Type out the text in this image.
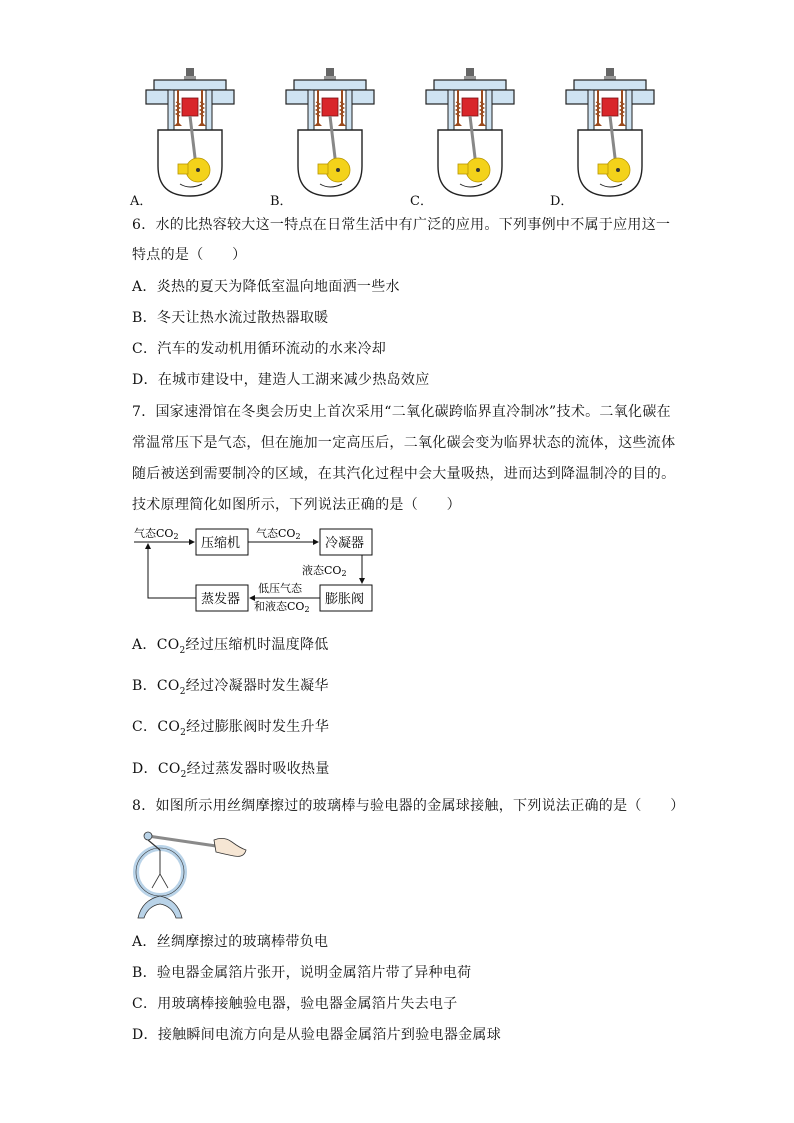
A．	B．	C．	D．
6．水的比热容较大这一特点在日常生活中有广泛的应用。下列事例中不属于应用这一
特点的是（　　）
A．炎热的夏天为降低室温向地面洒一些水
B．冬天让热水流过散热器取暖
C．汽车的发动机用循环流动的水来冷却
D．在城市建设中，建造人工湖来减少热岛效应
7．国家速滑馆在冬奥会历史上首次采用“二氧化碳跨临界直冷制冰”技术。二氧化碳在
常温常压下是气态，但在施加一定高压后，二氧化碳会变为临界状态的流体，这些流体
随后被送到需要制冷的区域，在其汽化过程中会大量吸热，进而达到降温制冷的目的。
技术原理简化如图所示，下列说法正确的是（　　）
压缩机	冷凝器
膨胀阀
蒸发器
气态CO2	气态CO2
液态CO2
低压气态
和液态CO2
A．$CO_2$经过压缩机时温度降低
B．$CO_2$经过冷凝器时发生凝华
C．$CO_2$经过膨胀阀时发生升华
D．$CO_2$经过蒸发器时吸收热量
8．如图所示用丝绸摩擦过的玻璃棒与验电器的金属球接触，下列说法正确的是（　　）
A．丝绸摩擦过的玻璃棒带负电
B．验电器金属箔片张开，说明金属箔片带了异种电荷
C．用玻璃棒接触验电器，验电器金属箔片失去电子
D．接触瞬间电流方向是从验电器金属箔片到验电器金属球
